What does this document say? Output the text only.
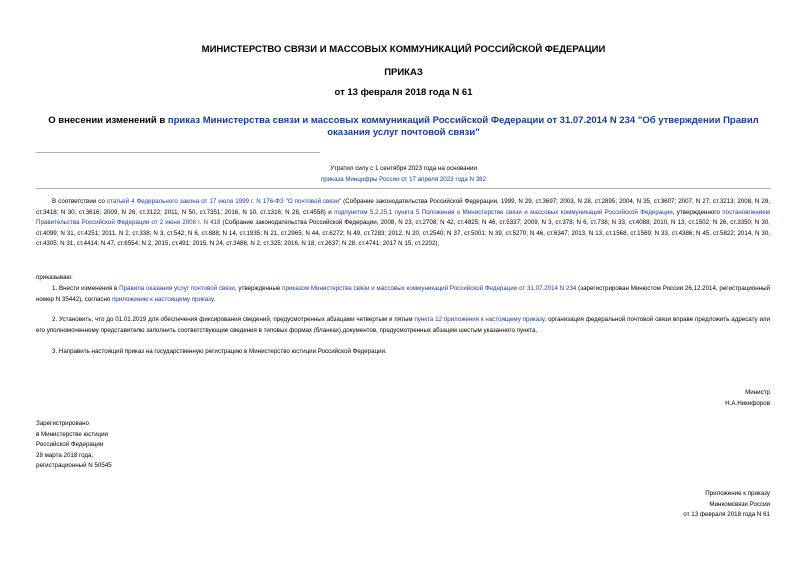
МИНИСТЕРСТВО СВЯЗИ И МАССОВЫХ КОММУНИКАЦИЙ РОССИЙСКОЙ ФЕДЕРАЦИИ
ПРИКАЗ
от 13 февраля 2018 года N 61
О внесении изменений в приказ Министерства связи и массовых коммуникаций Российской Федерации от 31.07.2014 N 234 "Об утверждении Правил оказания услуг почтовой связи"
Утратил силу с 1 сентября 2023 года на основании
приказа Минцифры России от 17 апреля 2023 года N 382
В соответствии со статьей 4 Федерального закона от 17 июля 1999 г. N 176-ФЗ "О почтовой связи" (Собрание законодательства Российской Федерации, 1999, N 29, ст.3697; 2003, N 28, ст.2895; 2004, N 35, ст.3607; 2007, N 27, ст.3213; 2008, N 29, ст.3418; N 30, ст.3616; 2009, N 26, ст.3122; 2011, N 50, ст.7351; 2016, N 10, ст.1316; N 28, ст.4558) и подпунктом 5.2.25.1 пункта 5 Положения о Министерстве связи и массовых коммуникаций Российской Федерации, утвержденного постановлением Правительства Российской Федерации от 2 июня 2008 г. N 418 (Собрание законодательства Российской Федерации, 2008, N 23, ст.2708; N 42, ст.4825; N 46, ст.5337; 2009, N 3, ст.378; N 6, ст.738; N 33, ст.4088; 2010, N 13, ст.1502; N 26, ст.3350; N 30, ст.4099; N 31, ст.4251; 2011, N 2, ст.338; N 3, ст.542; N 6, ст.888; N 14, ст.1935; N 21, ст.2965; N 44, ст.6272; N 49, ст.7283; 2012, N 20, ст.2540; N 37, ст.5001; N 39, ст.5270; N 46, ст.6347; 2013, N 13, ст.1568, ст.1569; N 33, ст.4386; N 45, ст.5822; 2014, N 30, ст.4305; N 31, ст.4414; N 47, ст.6554; N 2, 2015, ст.491; 2015, N 24, ст.3486; N 2, ст.325; 2016, N 18, ст.2637; N 28, ст.4741; 2017 N 15, ст.2202),
приказываю:
1. Внести изменения в Правила оказания услуг почтовой связи, утвержденные приказом Министерства связи и массовых коммуникаций Российской Федерации от 31.07.2014 N 234 (зарегистрирован Минюстом России 26.12.2014, регистрационный номер N 35442), согласно приложению к настоящему приказу.
2. Установить, что до 01.01.2019 для обеспечения фиксирования сведений, предусмотренных абзацами четвертым и пятым пункта 12 приложения к настоящему приказу, организация федеральной почтовой связи вправе предложить адресату или его уполномоченному представителю заполнить соответствующие сведения в типовых формах (бланках) документов, предусмотренных абзацем шестым указанного пункта.
3. Направить настоящий приказ на государственную регистрацию в Министерство юстиции Российской Федерации.
Министр
Н.А.Никифоров
Зарегистрировано
в Министерстве юстиции
Российской Федерации
28 марта 2018 года,
регистрационный N 50545
Приложение к приказу
Минкомсвязи России
от 13 февраля 2018 года N 61
